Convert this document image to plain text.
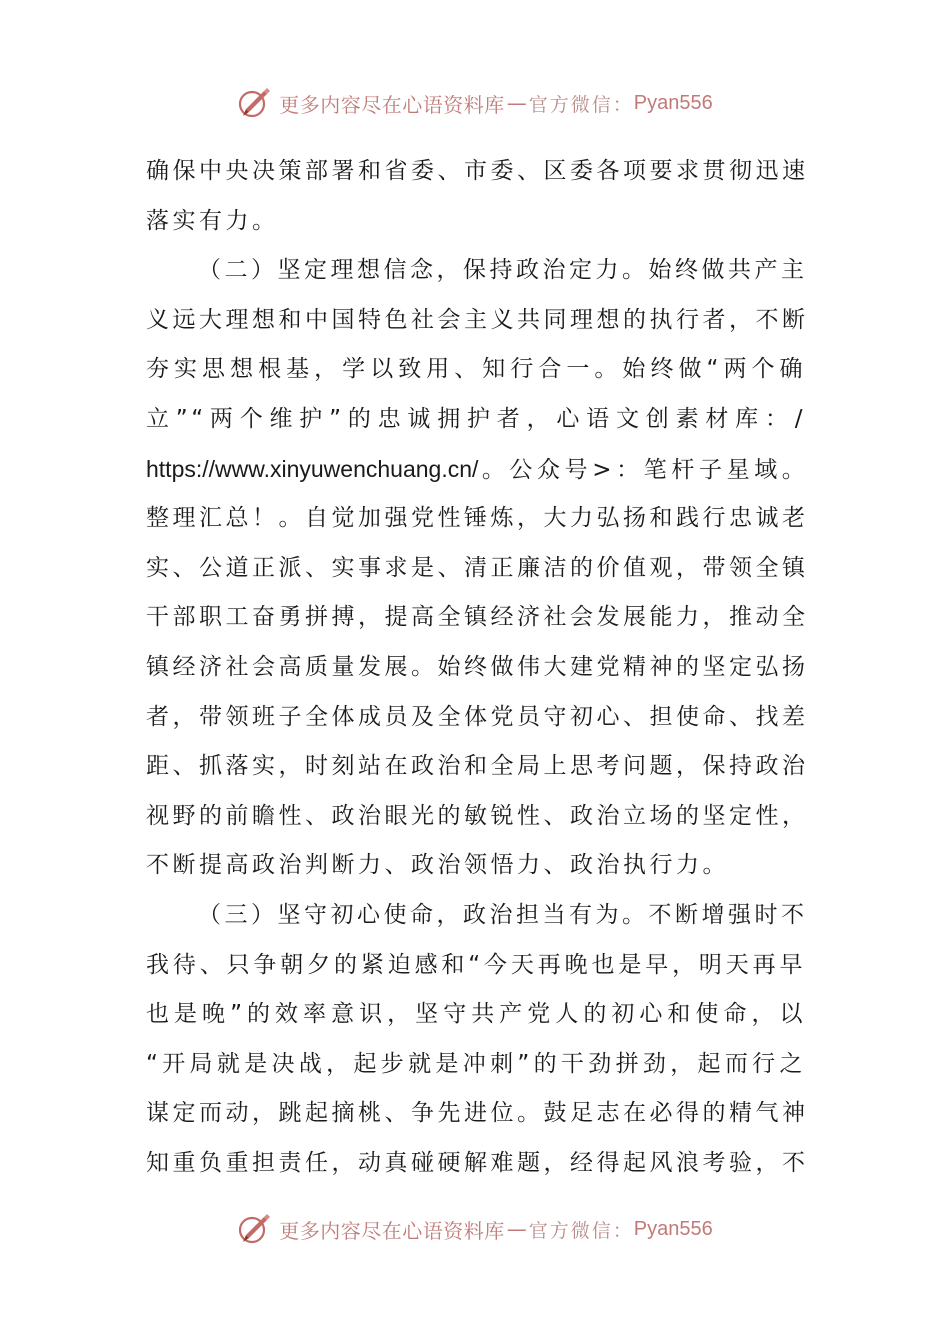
更多内容尽在心语资料库 — 官方微信： Pyan556
确保中央决策部署和省委、市委、区委各项要求贯彻迅速
落实有力。
（二）坚定理想信念，保持政治定力。始终做共产主
义远大理想和中国特色社会主义共同理想的执行者，不断
夯实思想根基，学以致用、知行合一。始终做“两个确
立”“两个维护”的忠诚拥护者，心语文创素材库：/
https://www.xinyuwenchuang.cn/。公众号>：笔杆子星域。
整理汇总！。自觉加强党性锤炼，大力弘扬和践行忠诚老
实、公道正派、实事求是、清正廉洁的价值观，带领全镇
干部职工奋勇拼搏，提高全镇经济社会发展能力，推动全
镇经济社会高质量发展。始终做伟大建党精神的坚定弘扬
者，带领班子全体成员及全体党员守初心、担使命、找差
距、抓落实，时刻站在政治和全局上思考问题，保持政治
视野的前瞻性、政治眼光的敏锐性、政治立场的坚定性，
不断提高政治判断力、政治领悟力、政治执行力。
（三）坚守初心使命，政治担当有为。不断增强时不
我待、只争朝夕的紧迫感和“今天再晚也是早，明天再早
也是晚”的效率意识，坚守共产党人的初心和使命，以
“开局就是决战，起步就是冲刺”的干劲拼劲，起而行之
谋定而动，跳起摘桃、争先进位。鼓足志在必得的精气神
知重负重担责任，动真碰硬解难题，经得起风浪考验，不
更多内容尽在心语资料库 — 官方微信： Pyan556
